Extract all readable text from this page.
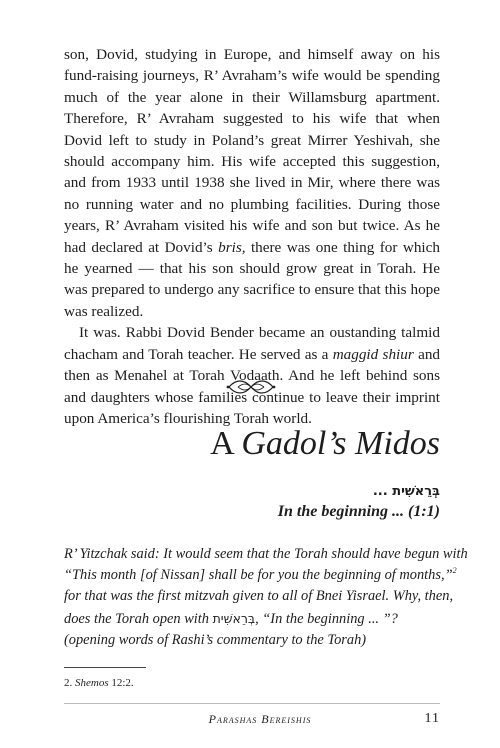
son, Dovid, studying in Europe, and himself away on his fund-raising journeys, R’ Avraham’s wife would be spending much of the year alone in their Willamsburg apartment. Therefore, R’ Avraham suggested to his wife that when Dovid left to study in Poland’s great Mirrer Yeshivah, she should accompany him. His wife accepted this suggestion, and from 1933 until 1938 she lived in Mir, where there was no running water and no plumbing facilities. During those years, R’ Avraham visited his wife and son but twice. As he had declared at Dovid’s bris, there was one thing for which he yearned — that his son should grow great in Torah. He was prepared to undergo any sacrifice to ensure that this hope was realized.

It was. Rabbi Dovid Bender became an oustanding talmid chacham and Torah teacher. He served as a maggid shiur and then as Menahel at Torah Vodaath. And he left behind sons and daughters whose families continue to leave their imprint upon America’s flourishing Torah world.

A Gadol’s Midos
בְּרֵאשִׁית ...
In the beginning ... (1:1)

R’ Yitzchak said: It would seem that the Torah should have begun with
“This month [of Nissan] shall be for you the beginning of months,”$^2$
for that was the first mitzvah given to all of Bnei Yisrael. Why, then,
does the Torah open with בְּרֵאשִׁית, “In the beginning ... ”?
(opening words of Rashi’s commentary to the Torah)

2. Shemos 12:2.
Parashas Bereishis	11
